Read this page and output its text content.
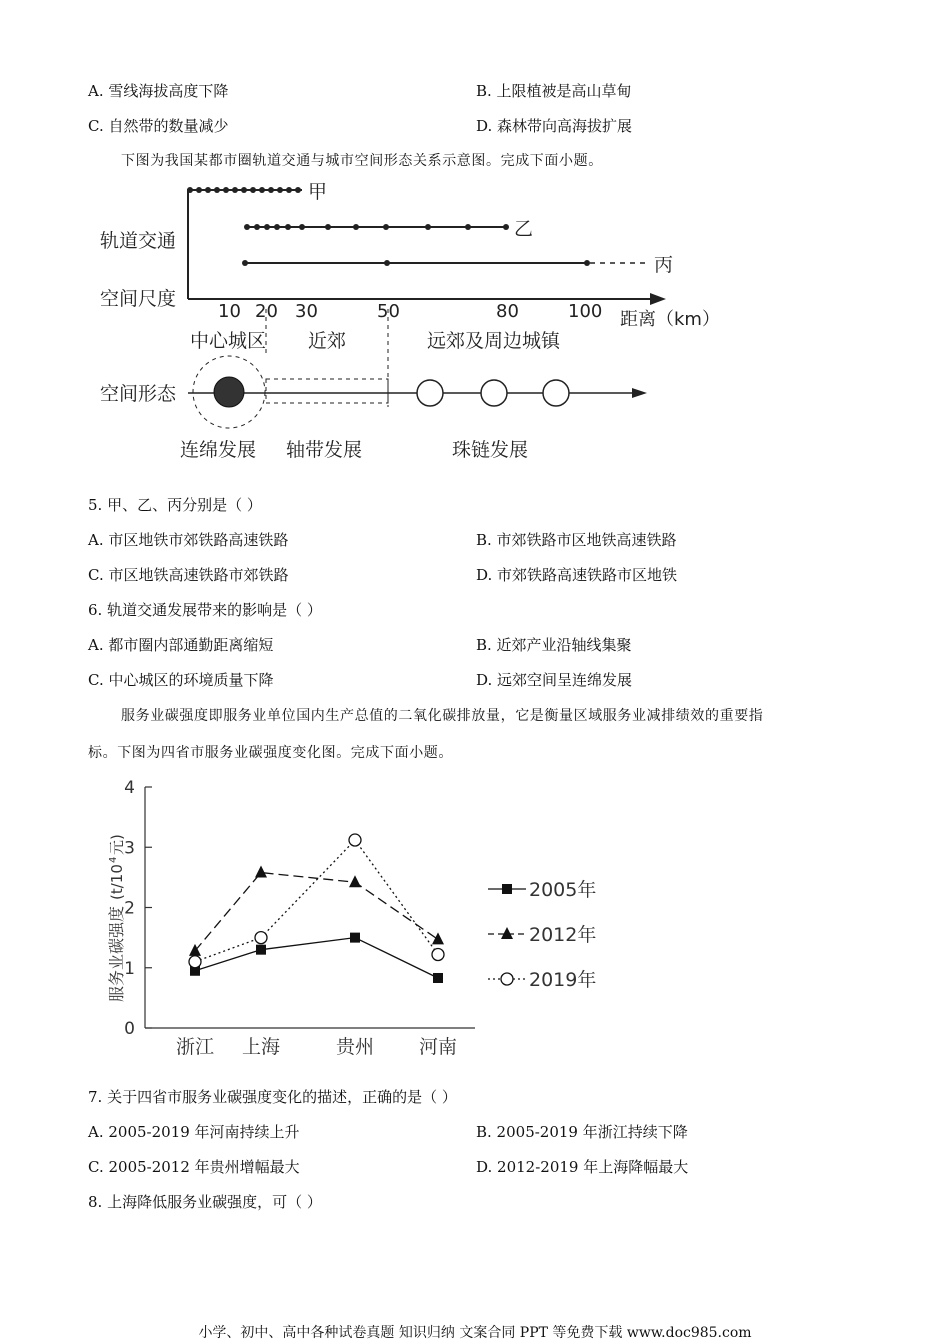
A. 雪线海拔高度下降	B. 上限植被是高山草甸
C. 自然带的数量减少	D. 森林带向高海拔扩展
下图为我国某都市圈轨道交通与城市空间形态关系示意图。完成下面小题。
轨道交通
空间尺度
空间形态
甲
乙
丙
10 20 30	50	80	100 距离（km）
中心城区 近郊	远郊及周边城镇
连绵发展 轴带发展	珠链发展
5. 甲、乙、丙分别是（ ）
A. 市区地铁市郊铁路高速铁路	B. 市郊铁路市区地铁高速铁路
C. 市区地铁高速铁路市郊铁路	D. 市郊铁路高速铁路市区地铁
6. 轨道交通发展带来的影响是（ ）
A. 都市圈内部通勤距离缩短	B. 近郊产业沿轴线集聚
C. 中心城区的环境质量下降	D. 远郊空间呈连绵发展
服务业碳强度即服务业单位国内生产总值的二氧化碳排放量，它是衡量区域服务业减排绩效的重要指
标。下图为四省市服务业碳强度变化图。完成下面小题。
服务业碳强度
(t/10
4
元)
0
1
2
3
4
浙江 上海	贵州 河南
2005年
2012年
2019年
7. 关于四省市服务业碳强度变化的描述，正确的是（ ）
A. 2005-2019 年河南持续上升	B. 2005-2019 年浙江持续下降
C. 2005-2012 年贵州增幅最大	D. 2012-2019 年上海降幅最大
8. 上海降低服务业碳强度，可（ ）
小学、初中、高中各种试卷真题 知识归纳 文案合同 PPT 等免费下载 www.doc985.com
